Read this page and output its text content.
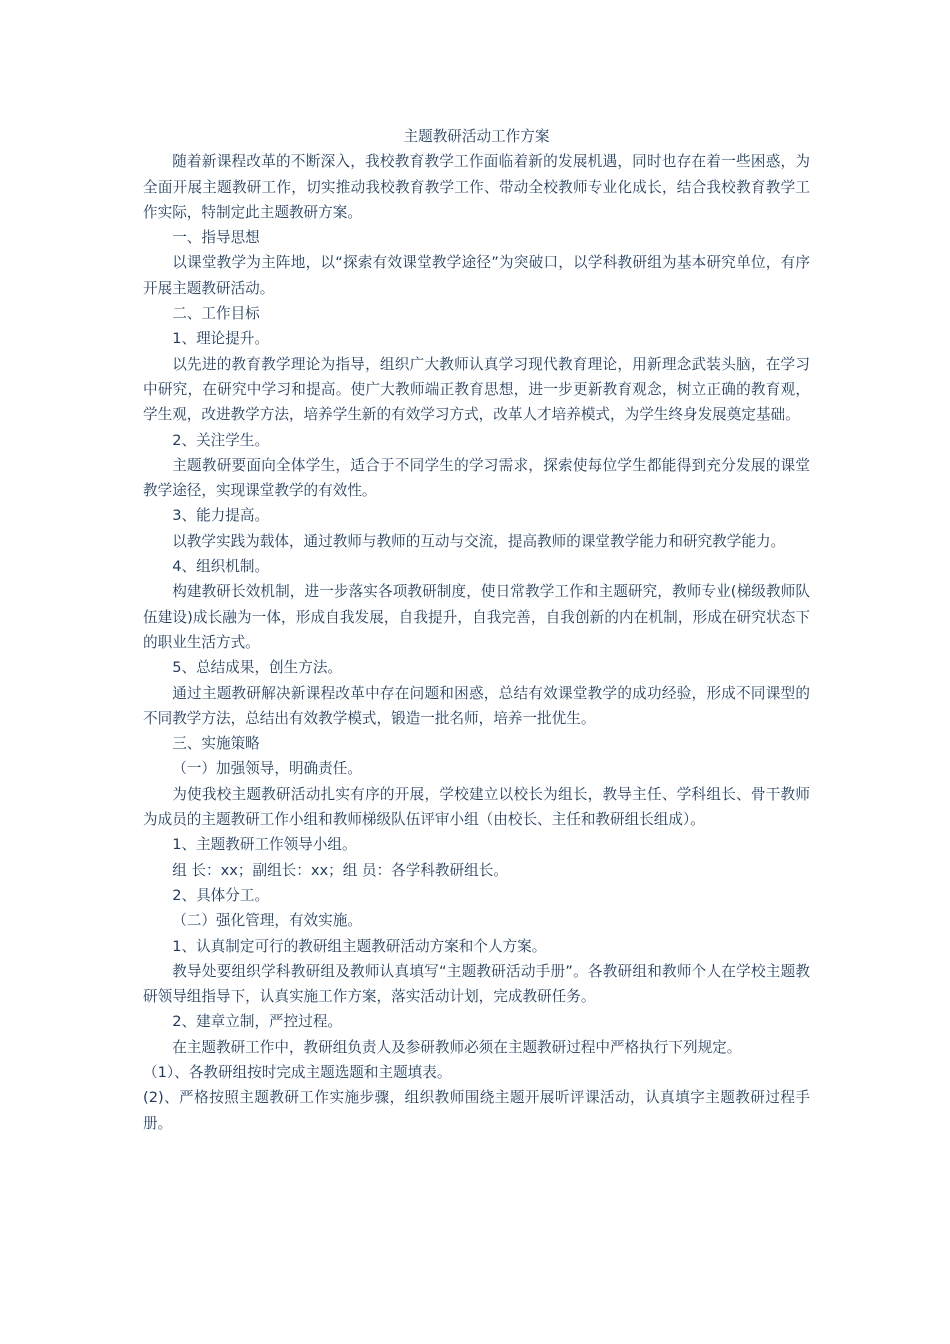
主题教研活动工作方案

随着新课程改革的不断深入，我校教育教学工作面临着新的发展机遇，同时也存在着一些困惑，为全面开展主题教研工作，切实推动我校教育教学工作、带动全校教师专业化成长，结合我校教育教学工作实际，特制定此主题教研方案。

一、指导思想

以课堂教学为主阵地，以“探索有效课堂教学途径”为突破口，以学科教研组为基本研究单位，有序开展主题教研活动。

二、工作目标

1、理论提升。

以先进的教育教学理论为指导，组织广大教师认真学习现代教育理论，用新理念武装头脑，在学习中研究，在研究中学习和提高。使广大教师端正教育思想，进一步更新教育观念，树立正确的教育观，学生观，改进教学方法，培养学生新的有效学习方式，改革人才培养模式，为学生终身发展奠定基础。

2、关注学生。

主题教研要面向全体学生，适合于不同学生的学习需求，探索使每位学生都能得到充分发展的课堂教学途径，实现课堂教学的有效性。

3、能力提高。

以教学实践为载体，通过教师与教师的互动与交流，提高教师的课堂教学能力和研究教学能力。

4、组织机制。

构建教研长效机制，进一步落实各项教研制度，使日常教学工作和主题研究，教师专业(梯级教师队伍建设)成长融为一体，形成自我发展，自我提升，自我完善，自我创新的内在机制，形成在研究状态下的职业生活方式。

5、总结成果，创生方法。

通过主题教研解决新课程改革中存在问题和困惑，总结有效课堂教学的成功经验，形成不同课型的不同教学方法，总结出有效教学模式，锻造一批名师，培养一批优生。

三、实施策略

（一）加强领导，明确责任。

为使我校主题教研活动扎实有序的开展，学校建立以校长为组长，教导主任、学科组长、骨干教师为成员的主题教研工作小组和教师梯级队伍评审小组（由校长、主任和教研组长组成）。

1、主题教研工作领导小组。

组 长：xx；副组长：xx；组 员：各学科教研组长。

2、具体分工。

（二）强化管理，有效实施。

1、认真制定可行的教研组主题教研活动方案和个人方案。

教导处要组织学科教研组及教师认真填写“主题教研活动手册”。各教研组和教师个人在学校主题教研领导组指导下，认真实施工作方案，落实活动计划，完成教研任务。

2、建章立制，严控过程。

在主题教研工作中，教研组负责人及参研教师必须在主题教研过程中严格执行下列规定。

（1）、各教研组按时完成主题选题和主题填表。

(2)、严格按照主题教研工作实施步骤，组织教师围绕主题开展听评课活动，认真填字主题教研过程手册。
